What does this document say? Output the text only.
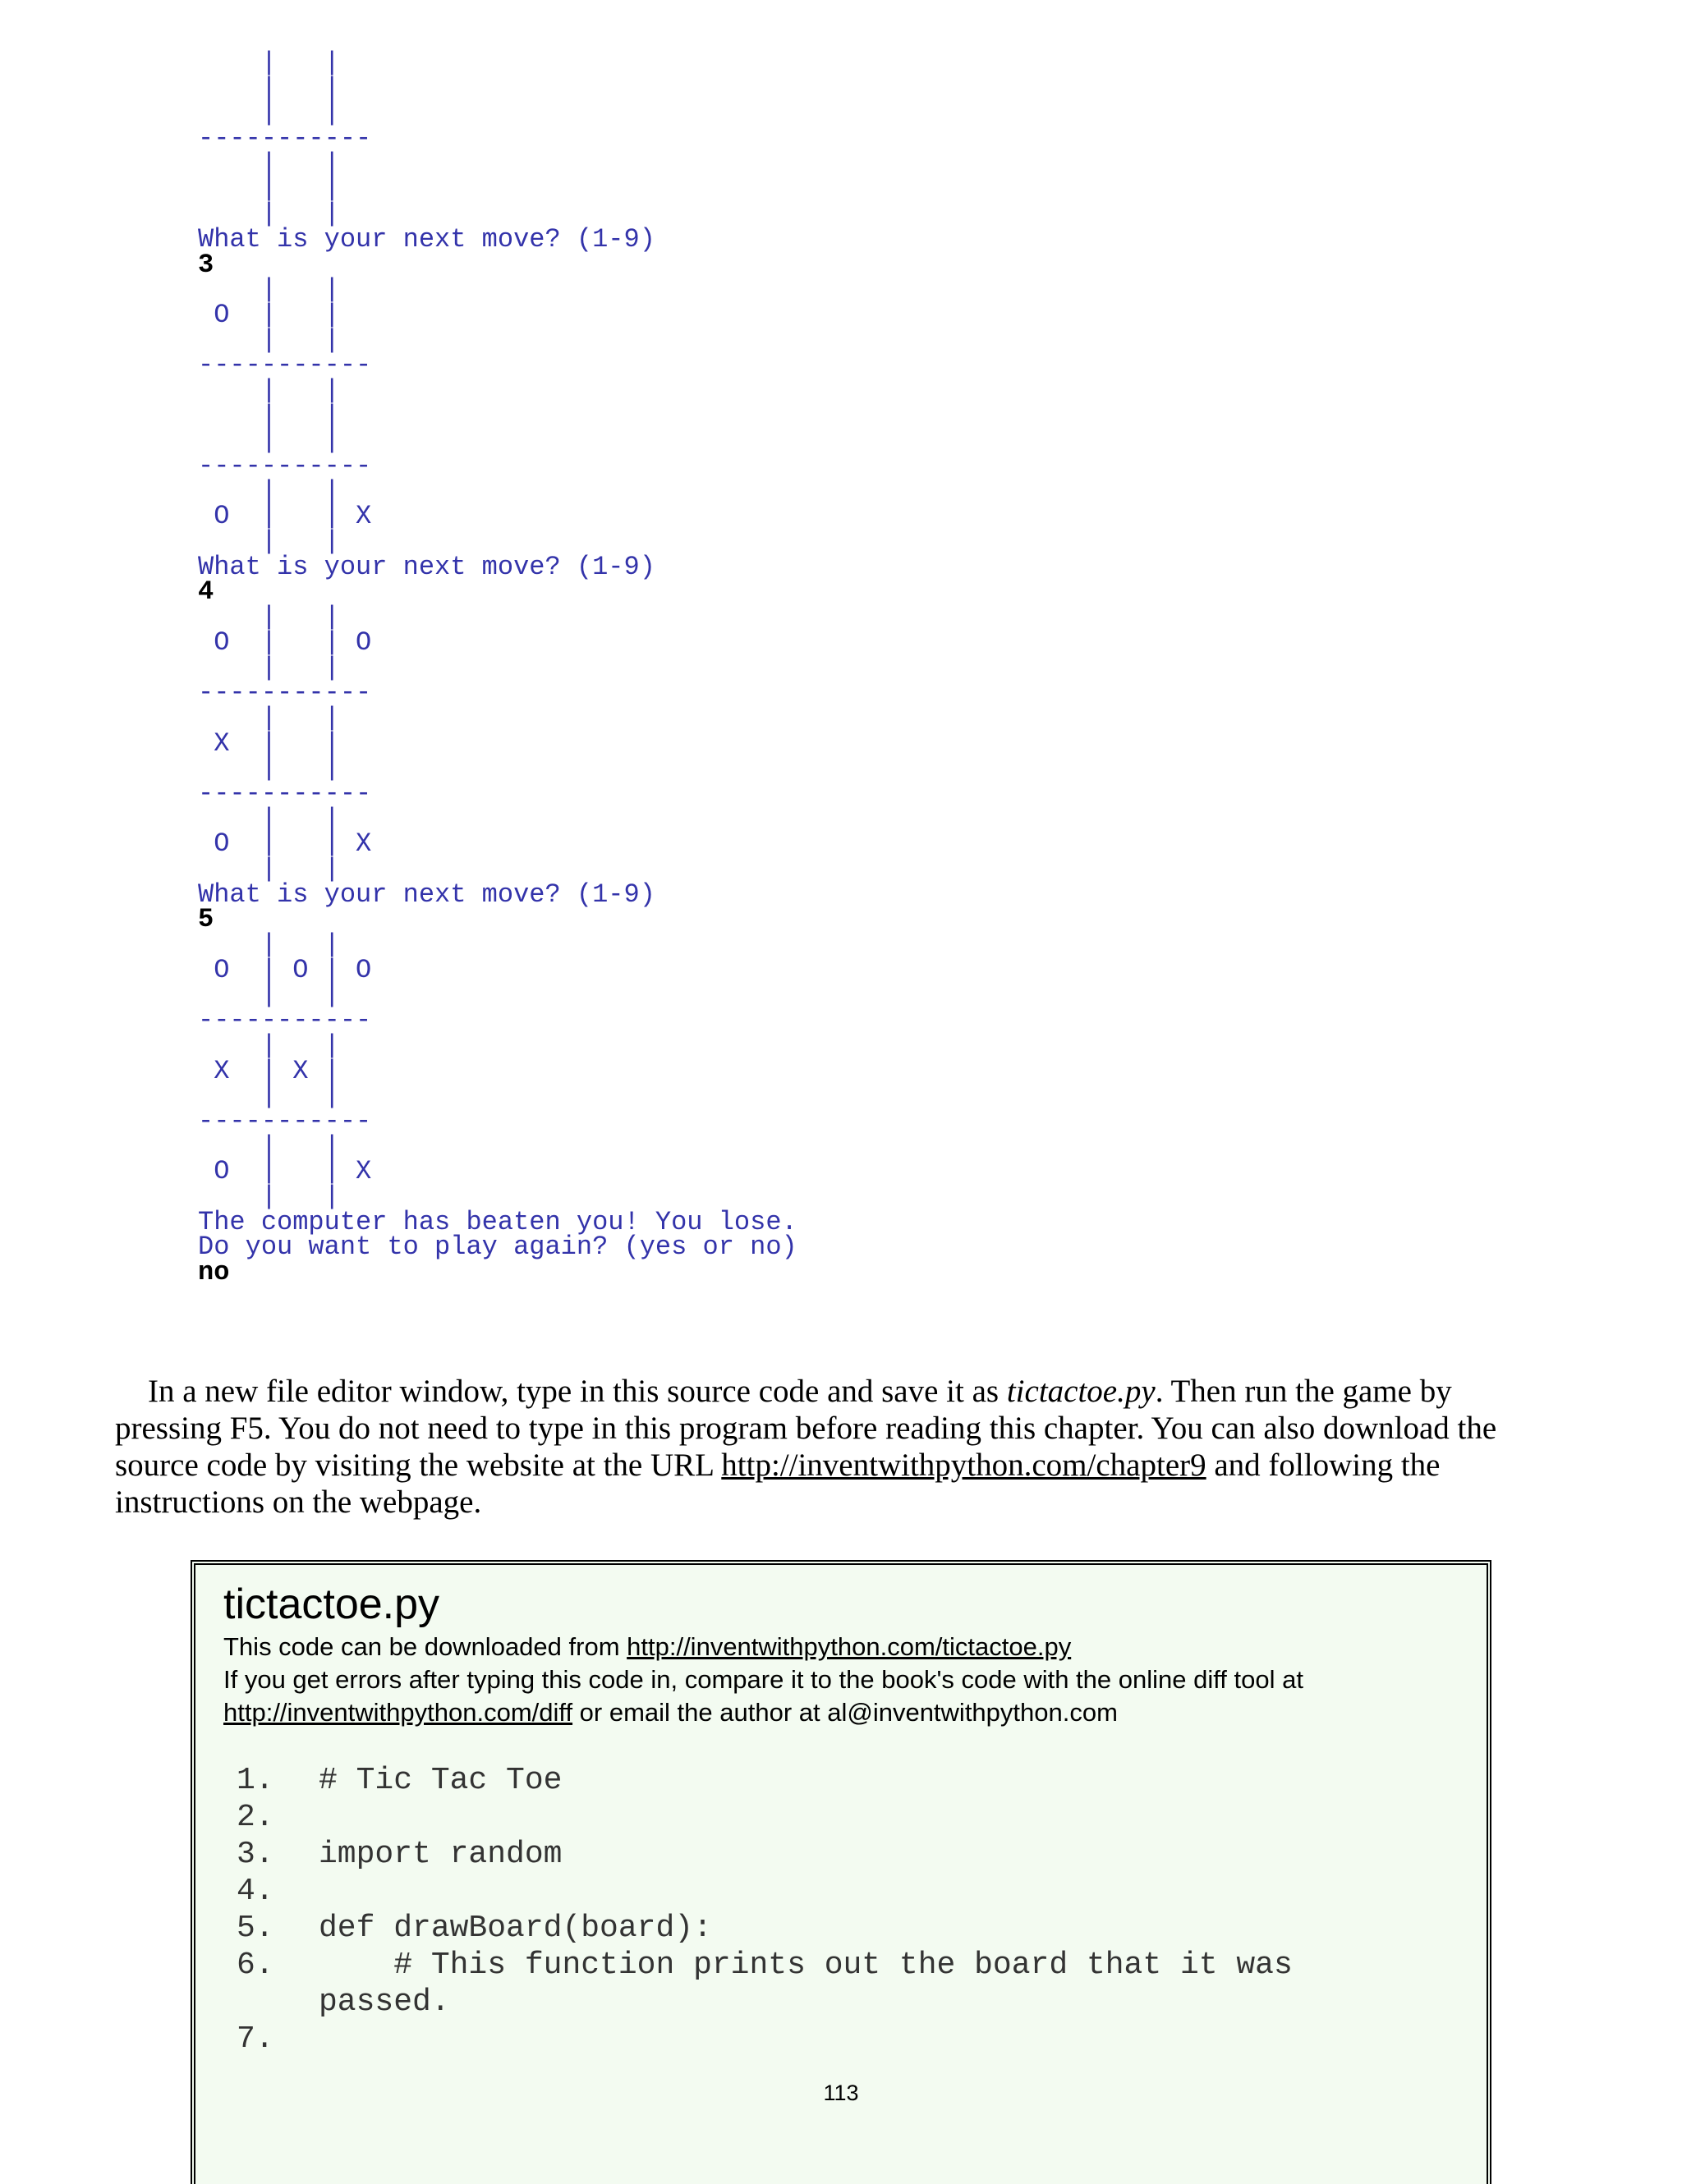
|   |
|   |
|   |
-----------
|   |
|   |
|   |
What is your next move? (1-9)
3
|   |
O  |   |
|   |
-----------
|   |
|   |
|   |
-----------
|   |
O  |   | X
|   |
What is your next move? (1-9)
4
|   |
O  |   | O
|   |
-----------
|   |
X  |   |
|   |
-----------
|   |
O  |   | X
|   |
What is your next move? (1-9)
5
|   |
O  | O | O
|   |
-----------
|   |
X  | X |
|   |
-----------
|   |
O  |   | X
|   |
The computer has beaten you! You lose.
Do you want to play again? (yes or no)
no

In a new file editor window, type in this source code and save it as tictactoe.py. Then run the game by pressing F5. You do not need to type in this program before reading this chapter. You can also download the source code by visiting the website at the URL http://inventwithpython.com/chapter9 and following the instructions on the webpage.

tictactoe.py
This code can be downloaded from http://inventwithpython.com/tictactoe.py
If you get errors after typing this code in, compare it to the book's code with the online diff tool at
http://inventwithpython.com/diff or email the author at al@inventwithpython.com
1.	# Tic Tac Toe
2.
3.	import random
4.
5.	def drawBoard(board):
6.	# This function prints out the board that it was
passed.
7.
113
